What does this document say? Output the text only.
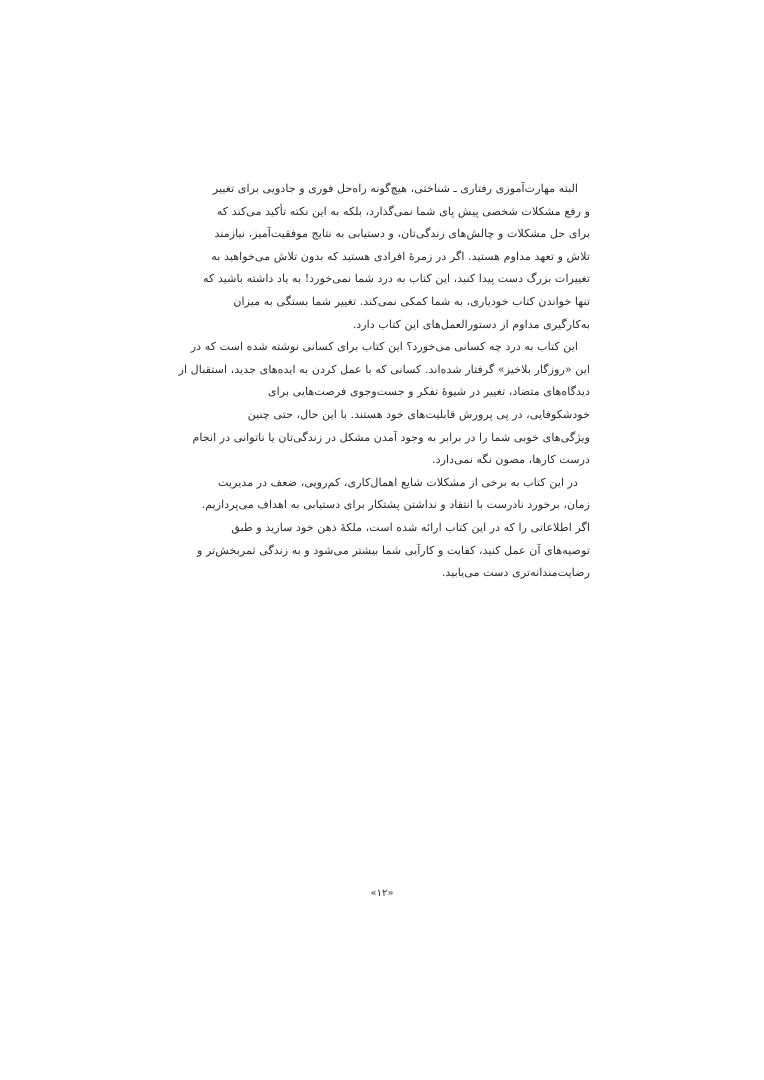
البته مهارت‌آموزی رفتاری ـ شناختی، هیچ‌گونه راه‌حل فوری و جادویی برای تغییر
و رفع مشکلات شخصی پیش پای شما نمی‌گذارد، بلکه به این نکته تأکید می‌کند که
برای حل مشکلات و چالش‌های زندگی‌تان، و دستیابی به نتایج موفقیت‌آمیز، نیازمند
تلاش و تعهد مداوم هستید. اگر در زمرهٔ افرادی هستید که بدون تلاش می‌خواهید به
تغییرات بزرگ دست پیدا کنید، این کتاب به درد شما نمی‌خورد! به یاد داشته باشید که
تنها خواندن کتاب خودیاری، به شما کمکی نمی‌کند. تغییر شما بستگی به میزان
به‌کارگیری مداوم از دستورالعمل‌های این کتاب دارد.

این کتاب به درد چه کسانی می‌خورد؟ این کتاب برای کسانی نوشته شده است که در
این «روزگار بلاخیز» گرفتار شده‌اند. کسانی که با عمل کردن به ایده‌های جدید، استقبال از
دیدگاه‌های متضاد، تغییر در شیوهٔ تفکر و جست‌وجوی فرصت‌هایی برای
خودشکوفایی، در پی پرورش قابلیت‌های خود هستند. با این حال، حتی چنین
ویژگی‌های خوبی شما را در برابر به وجود آمدن مشکل در زندگی‌تان یا ناتوانی در انجام
درست کارها، مصون نگه نمی‌دارد.

در این کتاب به برخی از مشکلات شایع اهمال‌کاری، کم‌رویی، ضعف در مدیریت
زمان، برخورد نادرست با انتقاد و نداشتن پشتکار برای دستیابی به اهداف می‌پردازیم.
اگر اطلاعاتی را که در این کتاب ارائه شده است، ملکهٔ ذهن خود سازید و طبق
توصیه‌های آن عمل کنید، کفایت و کارآیی شما بیشتر می‌شود و به زندگی ثمربخش‌تر و
رضایت‌مندانه‌تری دست می‌یابید.

«۱۲»
